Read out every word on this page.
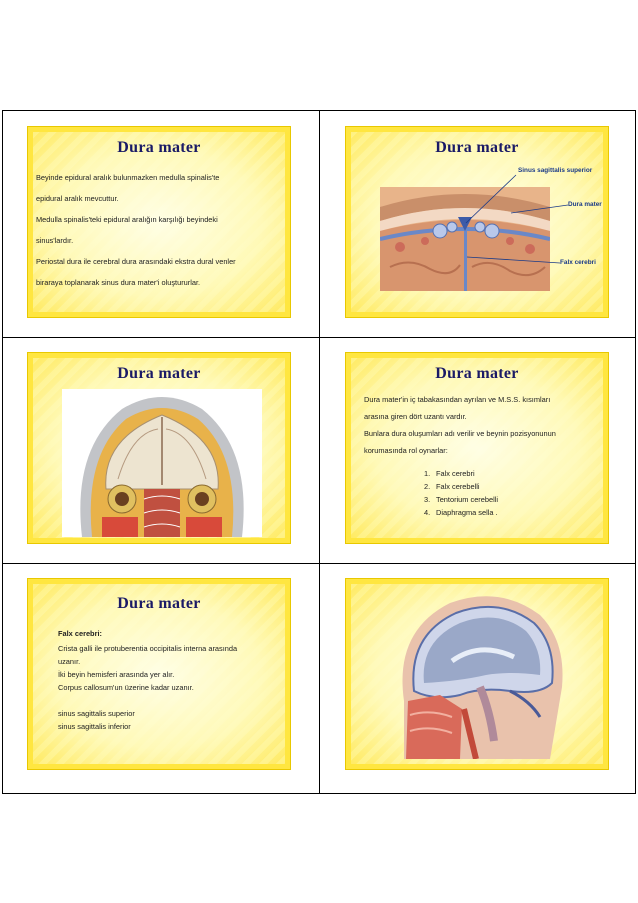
Dura mater

Beyinde epidural aralık bulunmazken medulla spinalis'te

epidural aralık mevcuttur.

Medulla spinalis'teki epidural aralığın karşılığı beyindeki

sinus'lardır.

Periostal dura ile cerebral dura arasındaki ekstra dural venler

biraraya toplanarak sinus dura mater'i oluştururlar.

Dura mater
Sinus sagittalis superior
Dura mater
Falx cerebri
Dura mater	Dura mater

Dura mater'in iç tabakasından ayrılan ve M.S.S. kısımları

arasına giren dört uzantı vardır.

Bunlara dura oluşumları adı verilir ve beynin pozisyonunun

korumasında rol oynarlar:

1. Falx cerebri
2. Falx cerebelli
3. Tentorium cerebelli
4. Diaphragma sella .
Dura mater

Falx cerebri:

Crista galli ile protuberentia occipitalis interna arasında

uzanır.

İki beyin hemisferi arasında yer alır.

Corpus callosum'un üzerine kadar uzanır.

sinus sagittalis superior

sinus sagittalis inferior
